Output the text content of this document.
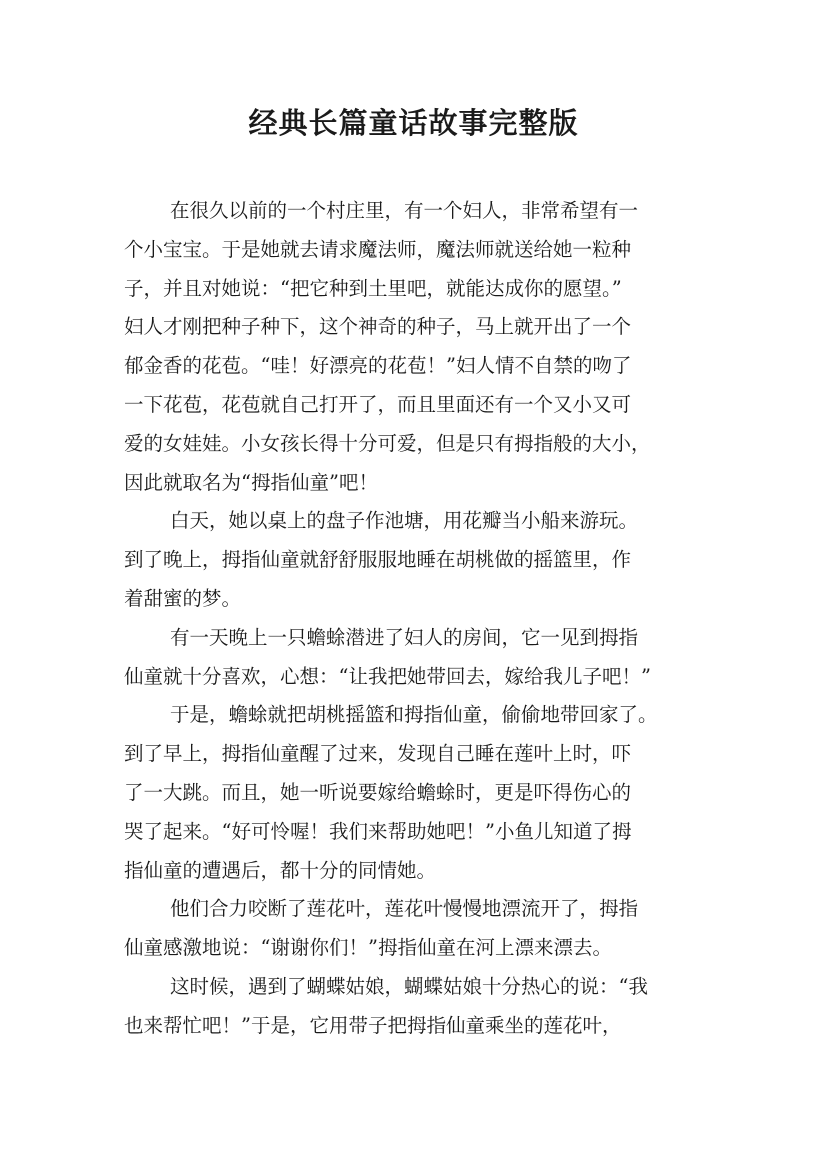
经典长篇童话故事完整版
在很久以前的一个村庄里，有一个妇人，非常希望有一
个小宝宝。于是她就去请求魔法师，魔法师就送给她一粒种
子，并且对她说：“把它种到土里吧，就能达成你的愿望。”
妇人才刚把种子种下，这个神奇的种子，马上就开出了一个
郁金香的花苞。“哇！好漂亮的花苞！”妇人情不自禁的吻了
一下花苞，花苞就自己打开了，而且里面还有一个又小又可
爱的女娃娃。小女孩长得十分可爱，但是只有拇指般的大小，
因此就取名为“拇指仙童”吧！
白天，她以桌上的盘子作池塘，用花瓣当小船来游玩。
到了晚上，拇指仙童就舒舒服服地睡在胡桃做的摇篮里，作
着甜蜜的梦。
有一天晚上一只蟾蜍潜进了妇人的房间，它一见到拇指
仙童就十分喜欢，心想：“让我把她带回去，嫁给我儿子吧！”
于是，蟾蜍就把胡桃摇篮和拇指仙童，偷偷地带回家了。
到了早上，拇指仙童醒了过来，发现自己睡在莲叶上时，吓
了一大跳。而且，她一听说要嫁给蟾蜍时，更是吓得伤心的
哭了起来。“好可怜喔！我们来帮助她吧！”小鱼儿知道了拇
指仙童的遭遇后，都十分的同情她。
他们合力咬断了莲花叶，莲花叶慢慢地漂流开了，拇指
仙童感激地说：“谢谢你们！”拇指仙童在河上漂来漂去。
这时候，遇到了蝴蝶姑娘，蝴蝶姑娘十分热心的说：“我
也来帮忙吧！”于是，它用带子把拇指仙童乘坐的莲花叶，
